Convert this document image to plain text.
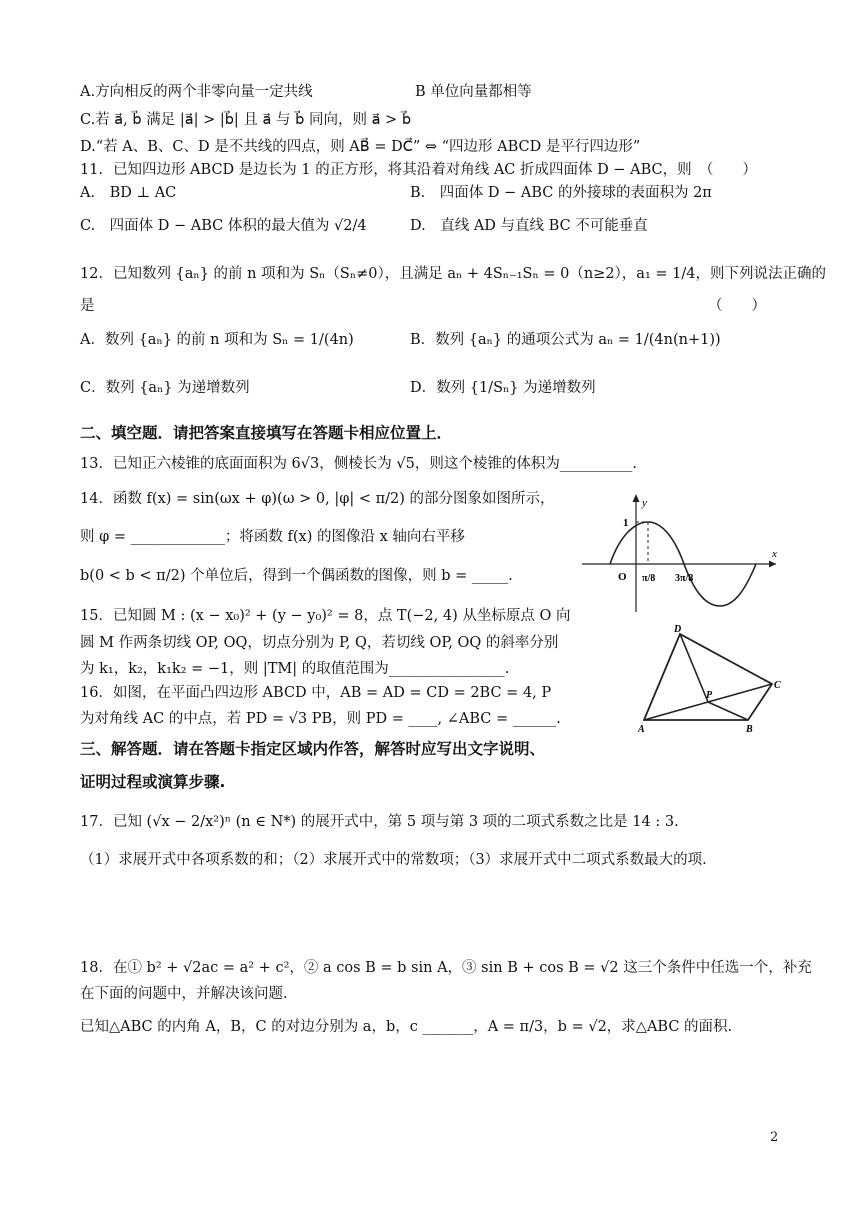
A.方向相反的两个非零向量一定共线	B 单位向量都相等
C.若 a⃗, b⃗ 满足 |a⃗| > |b⃗| 且 a⃗ 与 b⃗ 同向，则 a⃗ > b⃗
D.“若 A、B、C、D 是不共线的四点，则 AB⃗ = DC⃗” ⇔ “四边形 ABCD 是平行四边形”
11．已知四边形 ABCD 是边长为 1 的正方形，将其沿着对角线 AC 折成四面体 D − ABC，则　（　　）
A.　BD ⊥ AC	B.　四面体 D − ABC 的外接球的表面积为 2π
C.　四面体 D − ABC 体积的最大值为 √2/4	D.　直线 AD 与直线 BC 不可能垂直
12．已知数列 {aₙ} 的前 n 项和为 Sₙ（Sₙ≠0），且满足 aₙ + 4Sₙ₋₁Sₙ = 0（n≥2），a₁ = 1/4，则下列说法正确的
是	（　　）
A．数列 {aₙ} 的前 n 项和为 Sₙ = 1/(4n)	B．数列 {aₙ} 的通项公式为 aₙ = 1/(4n(n+1))
C．数列 {aₙ} 为递增数列	D．数列 {1/Sₙ} 为递增数列
二、填空题．请把答案直接填写在答题卡相应位置上．
13．已知正六棱锥的底面面积为 6√3，侧棱长为 √5，则这个棱锥的体积为__________.
14．函数 f(x) = sin(ωx + φ)(ω > 0, |φ| < π/2) 的部分图象如图所示，
则 φ = _____________；将函数 f(x) 的图像沿 x 轴向右平移
b(0 < b < π/2) 个单位后，得到一个偶函数的图像，则 b = _____.
15．已知圆 M : (x − x₀)² + (y − y₀)² = 8，点 T(−2, 4) 从坐标原点 O 向
圆 M 作两条切线 OP, OQ，切点分别为 P, Q，若切线 OP, OQ 的斜率分别
为 k₁，k₂，k₁k₂ = −1，则 |TM| 的取值范围为________________.
16．如图，在平面凸四边形 ABCD 中，AB = AD = CD = 2BC = 4, P
为对角线 AC 的中点，若 PD = √3 PB，则 PD = ____, ∠ABC = ______.
三、解答题．请在答题卡指定区域内作答，解答时应写出文字说明、
证明过程或演算步骤.
17．已知 (√x − 2/x²)ⁿ (n ∈ N*) 的展开式中，第 5 项与第 3 项的二项式系数之比是 14 : 3.
（1）求展开式中各项系数的和；（2）求展开式中的常数项；（3）求展开式中二项式系数最大的项.
18．在① b² + √2ac = a² + c²，② a cos B = b sin A，③ sin B + cos B = √2 这三个条件中任选一个，补充
在下面的问题中，并解决该问题.
已知△ABC 的内角 A，B，C 的对边分别为 a，b，c _______，A = π/3，b = √2，求△ABC 的面积.
y
x
1
O π/8 3π/8
D
C
P
A	B
2
